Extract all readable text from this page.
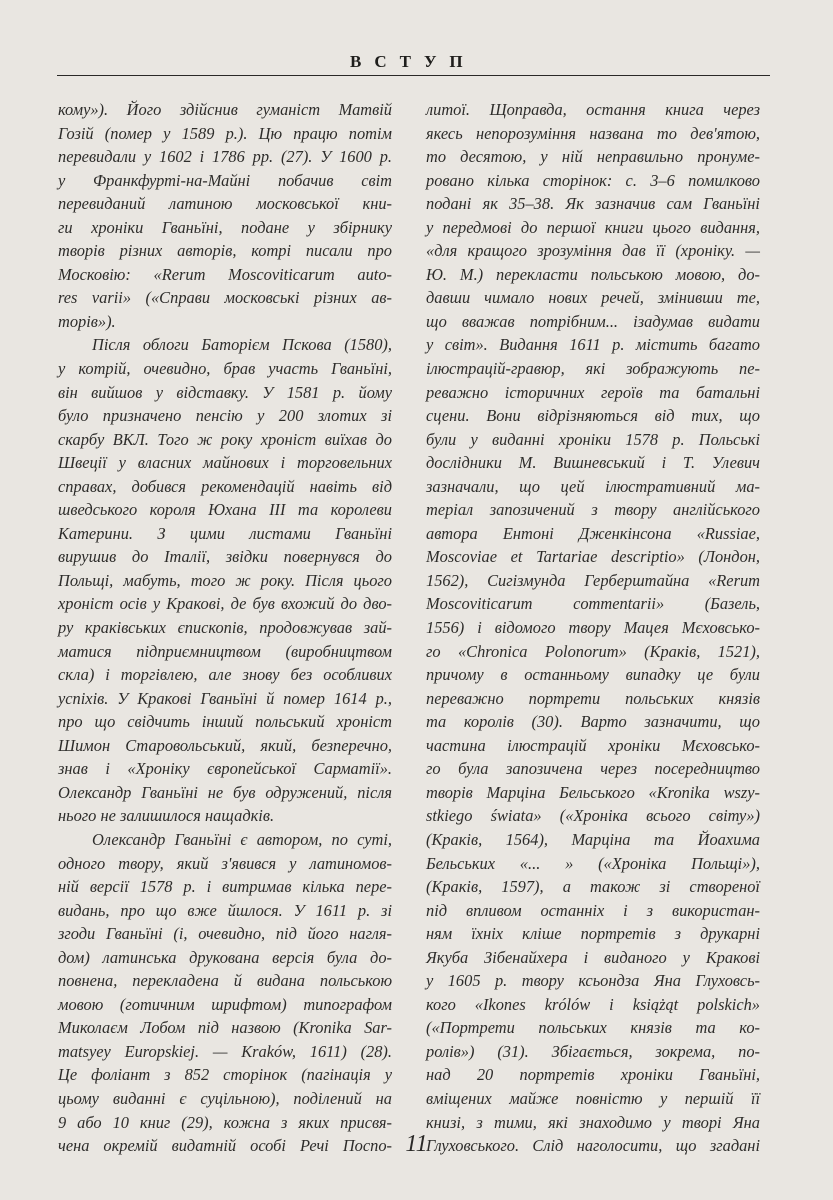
ВСТУП
кому»). Його здійснив гуманіст Матвій
Гозій (помер у 1589 р.). Цю працю потім
перевидали у 1602 і 1786 рр. (27). У 1600 р.
у Франкфурті-на-Майні побачив світ
перевиданий латиною московської кни-
ги хроніки Гваньїні, подане у збірнику
творів різних авторів, котрі писали про
Московію: «Rerum Moscoviticarum auto-
res varii» («Справи московські різних ав-
торів»).
Після облоги Баторієм Пскова (1580),
у котрій, очевидно, брав участь Гваньїні,
він вийшов у відставку. У 1581 р. йому
було призначено пенсію у 200 злотих зі
скарбу ВКЛ. Того ж року хроніст виїхав до
Швеції у власних майнових і торговельних
справах, добився рекомендацій навіть від
шведського короля Юхана III та королеви
Катерини. З цими листами Гваньїні
вирушив до Італії, звідки повернувся до
Польщі, мабуть, того ж року. Після цього
хроніст осів у Кракові, де був вхожий до дво-
ру краківських єпископів, продовжував зай-
матися підприємництвом (виробництвом
скла) і торгівлею, але знову без особливих
успіхів. У Кракові Гваньїні й помер 1614 р.,
про що свідчить інший польський хроніст
Шимон Старовольський, який, безперечно,
знав і «Хроніку європейської Сарматії».
Олександр Гваньїні не був одружений, після
нього не залишилося нащадків.
Олександр Гваньїні є автором, по суті,
одного твору, який з'явився у латиномов-
ній версії 1578 р. і витримав кілька пере-
видань, про що вже йшлося. У 1611 р. зі
згоди Гваньїні (і, очевидно, під його нагля-
дом) латинська друкована версія була до-
повнена, перекладена й видана польською
мовою (готичним шрифтом) типографом
Миколаєм Лобом під назвою (Kronika Sar-
matsyey Europskiej. — Kraków, 1611) (28).
Це фоліант з 852 сторінок (пагінація у
цьому виданні є суцільною), поділений на
9 або 10 книг (29), кожна з яких присвя-
чена окремій видатній особі Речі Поспо-
литої. Щоправда, остання книга через
якесь непорозуміння названа то дев'ятою,
то десятою, у ній неправильно пронуме-
ровано кілька сторінок: с. 3–6 помилково
подані як 35–38. Як зазначив сам Гваньїні
у передмові до першої книги цього видання,
«для кращого зрозуміння дав її (хроніку. —
Ю. М.) перекласти польською мовою, до-
давши чимало нових речей, змінивши те,
що вважав потрібним... ізадумав видати
у світ». Видання 1611 р. містить багато
ілюстрацій-гравюр, які зображують пе-
реважно історичних героїв та батальні
сцени. Вони відрізняються від тих, що
були у виданні хроніки 1578 р. Польські
дослідники М. Вишневський і Т. Улевич
зазначали, що цей ілюстративний ма-
теріал запозичений з твору англійського
автора Ентоні Дженкінсона «Russiae,
Moscoviae et Tartariae descriptio» (Лондон,
1562), Сигізмунда Герберштайна «Rerum
Moscoviticarum commentarii» (Базель,
1556) і відомого твору Мацея Мєховсько-
го «Chronica Polonorum» (Краків, 1521),
причому в останньому випадку це були
переважно портрети польських князів
та королів (30). Варто зазначити, що
частина ілюстрацій хроніки Мєховсько-
го була запозичена через посередництво
творів Марціна Бельського «Kronika wszy-
stkiego świata» («Хроніка всього світу»)
(Краків, 1564), Марціна та Йоахима
Бельських «... » («Хроніка Польщі»),
(Краків, 1597), а також зі створеної
під впливом останніх і з використан-
ням їхніх кліше портретів з друкарні
Якуба Зібенайхера і виданого у Кракові
у 1605 р. твору ксьондза Яна Глуховсь-
кого «Ikones królów i książąt polskich»
(«Портрети польських князів та ко-
ролів») (31). Збігається, зокрема, по-
над 20 портретів хроніки Гваньїні,
вміщених майже повністю у першій її
книзі, з тими, які знаходимо у творі Яна
Глуховського. Слід наголосити, що згадані
11
